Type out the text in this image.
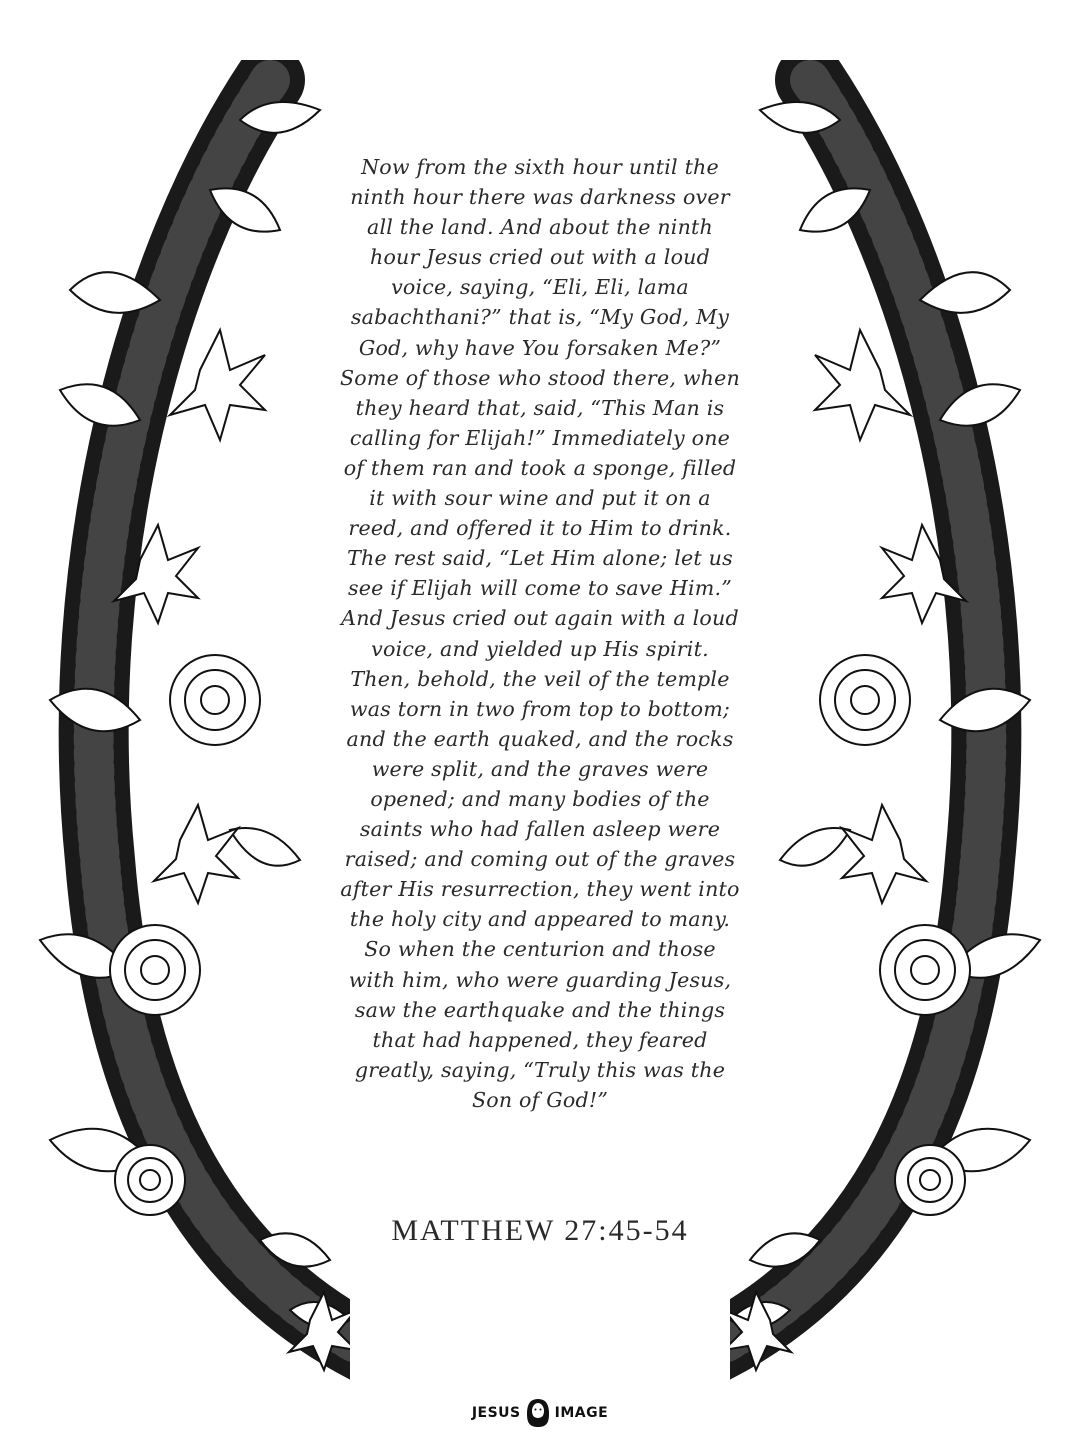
Now from the sixth hour until the ninth hour there was darkness over all the land. And about the ninth hour Jesus cried out with a loud voice, saying, “Eli, Eli, lama sabachthani?” that is, “My God, My God, why have You forsaken Me?” Some of those who stood there, when they heard that, said, “This Man is calling for Elijah!” Immediately one of them ran and took a sponge, filled it with sour wine and put it on a reed, and offered it to Him to drink. The rest said, “Let Him alone; let us see if Elijah will come to save Him.” And Jesus cried out again with a loud voice, and yielded up His spirit. Then, behold, the veil of the temple was torn in two from top to bottom; and the earth quaked, and the rocks were split, and the graves were opened; and many bodies of the saints who had fallen asleep were raised; and coming out of the graves after His resurrection, they went into the holy city and appeared to many. So when the centurion and those with him, who were guarding Jesus, saw the earthquake and the things that had happened, they feared greatly, saying, “Truly this was the Son of God!”

MATTHEW 27:45-54
JESUS IMAGE
